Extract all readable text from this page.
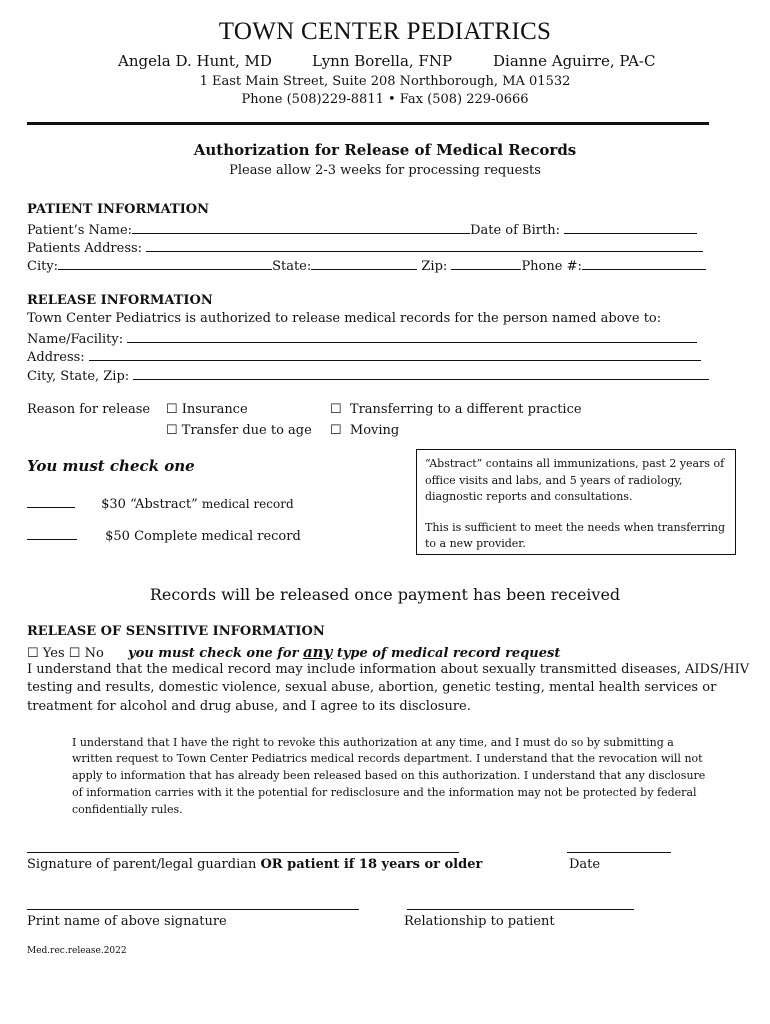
TOWN CENTER PEDIATRICS
Angela D. Hunt, MD	Lynn Borella, FNP	Dianne Aguirre, PA-C
1 East Main Street, Suite 208 Northborough, MA 01532
Phone (508)229-8811 • Fax (508) 229-0666
Authorization for Release of Medical Records
Please allow 2-3 weeks for processing requests
PATIENT INFORMATION
Patient’s Name:	Date of Birth:
Patients Address:
City:	State:	Zip:	Phone #:
RELEASE INFORMATION
Town Center Pediatrics is authorized to release medical records for the person named above to:
Name/Facility:
Address:
City, State, Zip:
Reason for release ☐ Insurance	☐ Transferring to a different practice
☐ Transfer due to age ☐ Moving
You must check one
$30 “Abstract” medical record
$50 Complete medical record
“Abstract” contains all immunizations, past 2 years of
office visits and labs, and 5 years of radiology,
diagnostic reports and consultations.
This is sufficient to meet the needs when transferring
to a new provider.
Records will be released once payment has been received
RELEASE OF SENSITIVE INFORMATION
☐ Yes ☐ No you must check one for any type of medical record request
I understand that the medical record may include information about sexually transmitted diseases, AIDS/HIV
testing and results, domestic violence, sexual abuse, abortion, genetic testing, mental health services or
treatment for alcohol and drug abuse, and I agree to its disclosure.
I understand that I have the right to revoke this authorization at any time, and I must do so by submitting a
written request to Town Center Pediatrics medical records department. I understand that the revocation will not
apply to information that has already been released based on this authorization. I understand that any disclosure
of information carries with it the potential for redisclosure and the information may not be protected by federal
confidentially rules.
Signature of parent/legal guardian OR patient if 18 years or older	Date
Print name of above signature	Relationship to patient
Med.rec.release.2022
